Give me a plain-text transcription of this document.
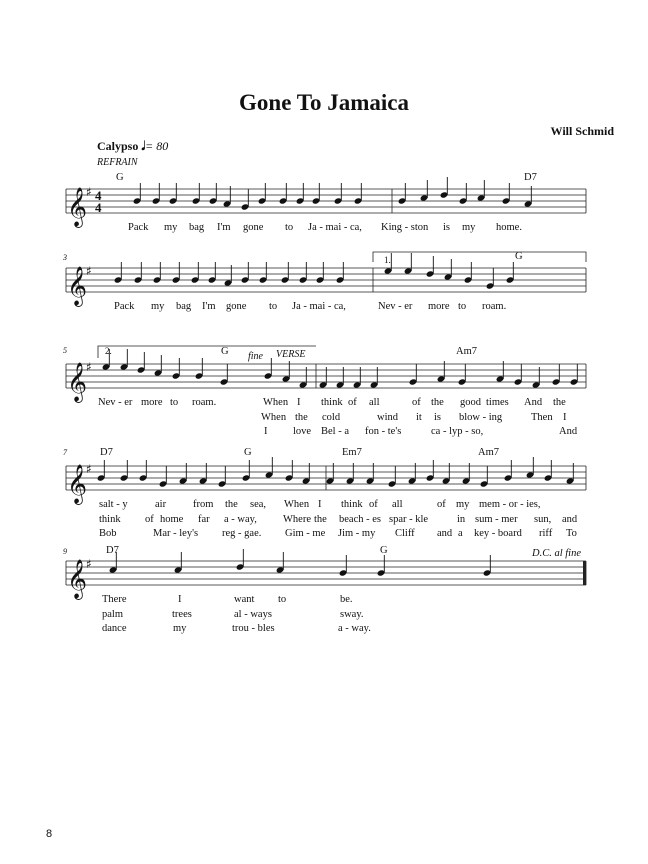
Gone To Jamaica
Will Schmid
Calypso 𝅘𝅥= 80
REFRAIN
𝄞
♯ 4
4
𝄞
♯
𝄞
♯
𝄞
♯
𝄞
♯
G	D7
Pack my bag I'm gone to Ja - mai - ca, King - ston is my home.
3	1.	G
Pack my bag I'm gone to Ja - mai - ca,	Nev - er more to roam.
5	2.	G fine VERSE	Am7
Nev - er more to roam.	When I think of all	of the good times And the
When the cold	wind it is blow - ing	Then I
I love Bel - a fon - te's	ca - lyp - so,	And
7	D7	G	Em7	Am7
salt - y	air	from the sea, When I think of all	of my mem - or - ies,
think of home far a - way, Where the beach - es spar - kle	in sum - mer sun, and
Bob	Mar - ley's reg - gae. Gim - me Jim - my Cliff and a key - board riff To
9	D7	G	D.C. al fine
There	I	want to	be.
palm	trees	al - ways	sway.
dance	my	trou - bles	a - way.
8
